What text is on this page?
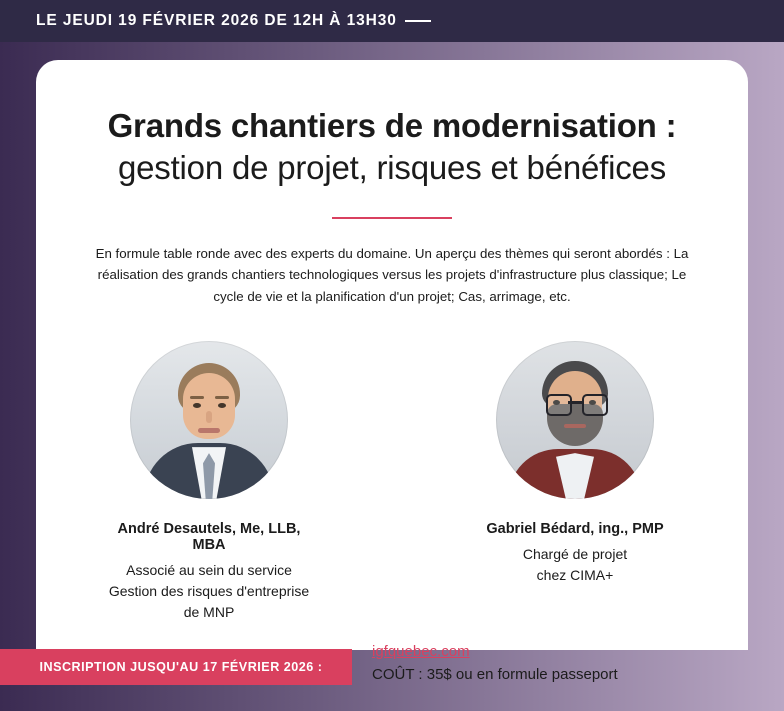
LE JEUDI 19 FÉVRIER 2026 DE 12H À 13H30
Grands chantiers de modernisation :
gestion de projet, risques et bénéfices
En formule table ronde avec des experts du domaine. Un aperçu des thèmes qui seront abordés : La réalisation des grands chantiers technologiques versus les projets d'infrastructure plus classique; Le cycle de vie et la planification d'un projet; Cas, arrimage, etc.
André Desautels, Me, LLB, MBA
Associé au sein du service
Gestion des risques d'entreprise de MNP
Gabriel Bédard, ing., PMP
Chargé de projet
chez CIMA+
INSCRIPTION JUSQU'AU 17 FÉVRIER 2026 :
igfquebec.com
COÛT : 35$ ou en formule passeport
